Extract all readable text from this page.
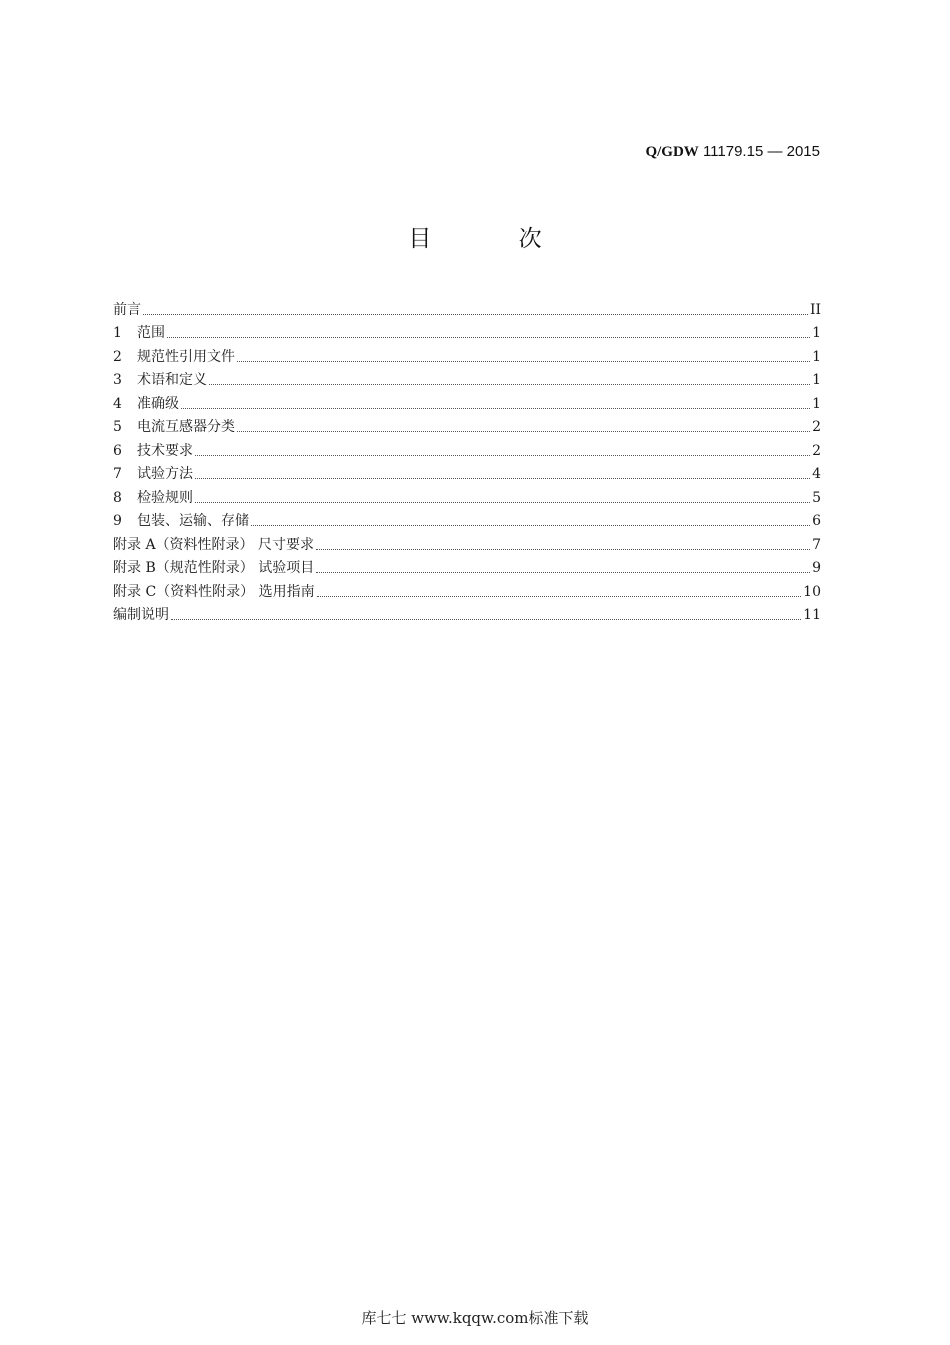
Q/GDW 11179.15 — 2015
目 次
前言	II
1	范围	1
2	规范性引用文件	1
3	术语和定义	1
4	准确级	1
5	电流互感器分类	2
6	技术要求	2
7	试验方法	4
8	检验规则	5
9	包装、运输、存储	6
附录 A（资料性附录） 尺寸要求	7
附录 B（规范性附录） 试验项目	9
附录 C（资料性附录） 选用指南	10
编制说明	11
库七七 www.kqqw.com标准下载
